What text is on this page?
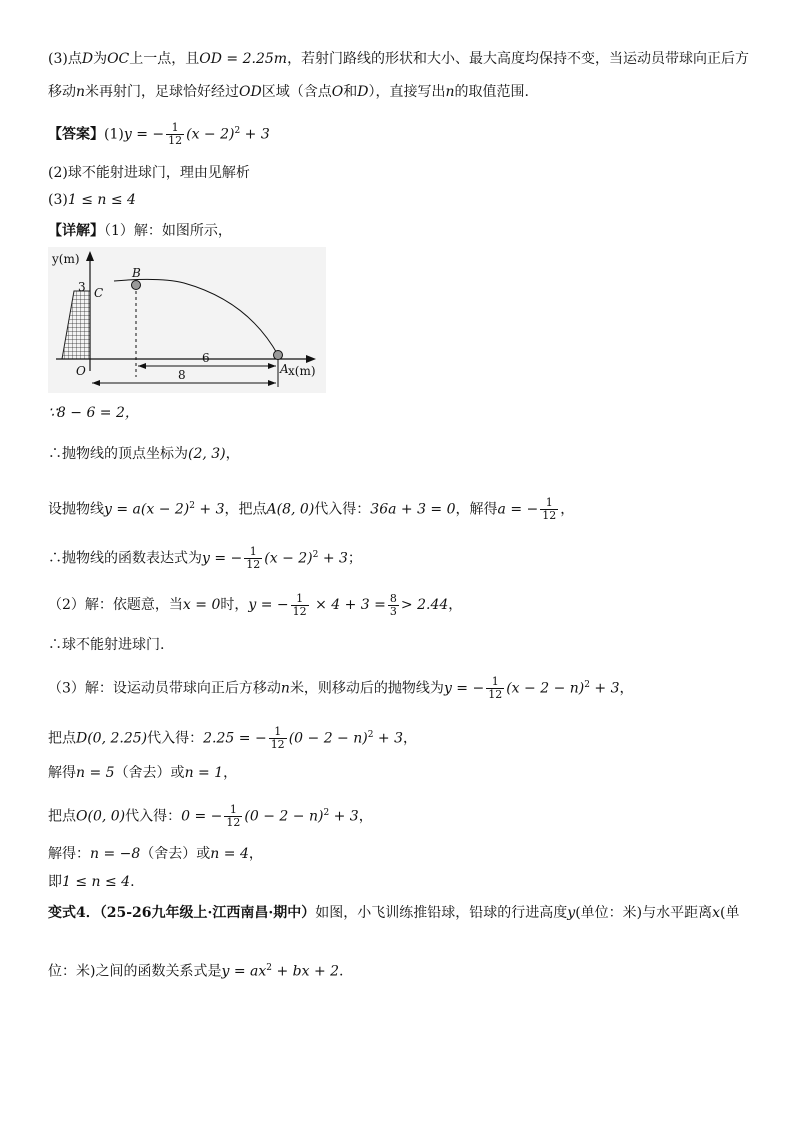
(3)点D为OC上一点，且OD = 2.25m，若射门路线的形状和大小、最大高度均保持不变，当运动员带球向正后方
移动n米再射门，足球恰好经过OD区域（含点O和D），直接写出n的取值范围.
【答案】(1)y = − $\frac{1}{12} (x - 2)^2 + 3$
(2)球不能射进球门，理由见解析
(3)1 ≤ n ≤ 4
【详解】（1）解：如图所示，
y(m)
x(m)
B
C
3
O	A
6
8
∵8 − 6 = 2，
∴抛物线的顶点坐标为(2, 3)，
设抛物线$y = a(x - 2)^2 + 3$，把点A(8, 0)代入得：36a + 3 = 0，解得a = − $\frac{1}{12}$ ，
∴抛物线的函数表达式为y = − $\frac{1}{12} (x - 2)^2 + 3$；
（2）解：依题意，当x = 0时，y = − $\frac{1}{12} \times 4 + 3 = \frac{8}{3} > 2.44$，
∴球不能射进球门.
（3）解：设运动员带球向正后方移动n米，则移动后的抛物线为y = − $\frac{1}{12} (x - 2 - n)^2 + 3$，
把点D(0, 2.25)代入得：2.25 = − $\frac{1}{12} (0 - 2 - n)^2 + 3$，
解得n = 5（舍去）或n = 1，
把点O(0, 0)代入得：0 = − $\frac{1}{12} (0 - 2 - n)^2 + 3$，
解得：n = −8（舍去）或n = 4，
即1 ≤ n ≤ 4.
变式4．（25-26九年级上·江西南昌·期中）如图，小飞训练推铅球，铅球的行进高度y(单位：米)与水平距离x(单
位：米)之间的函数关系式是$y = ax^2$ + bx + 2.
